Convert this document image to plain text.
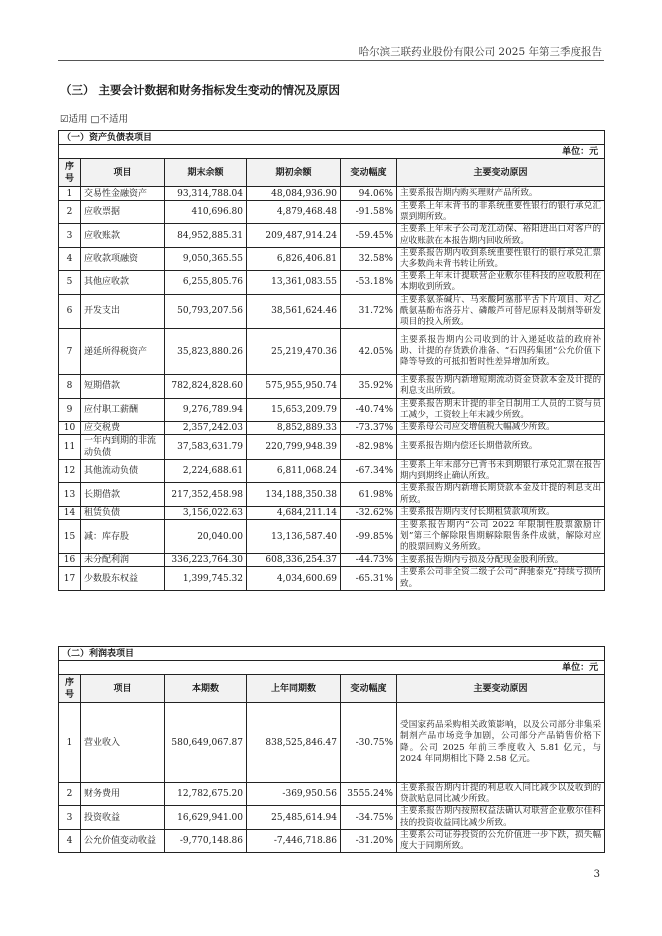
哈尔滨三联药业股份有限公司 2025 年第三季度报告
（三） 主要会计数据和财务指标发生变动的情况及原因
☑适用 □不适用
（一）资产负债表项目					
单位：元					
序号	项目	期末余额	期初余额	变动幅度	主要变动原因
1	交易性金融资产	93,314,788.04	48,084,936.90	94.06%	主要系报告期内购买理财产品所致。
2	应收票据	410,696.80	4,879,468.48	-91.58%	主要系上年末背书的非系统重要性银行的银行承兑汇票到期所致。
3	应收账款	84,952,885.31	209,487,914.24	-59.45%	主要系上年末子公司龙江动保、裕阳进出口对客户的应收账款在本报告期内回收所致。
4	应收款项融资	9,050,365.55	6,826,406.81	32.58%	主要系报告期内收到系统重要性银行的银行承兑汇票大多数尚未背书转让所致。
5	其他应收款	6,255,805.76	13,361,083.55	-53.18%	主要系上年末计提联营企业敷尔佳科技的应收股利在本期收到所致。
6	开发支出	50,793,207.56	38,561,624.46	31.72%	主要系氨茶碱片、马来酸阿塞那平舌下片项目、对乙酰氨基酚布洛芬片、磷酸芦可替尼原料及制剂等研发项目的投入所致。
7	递延所得税资产	35,823,880.26	25,219,470.36	42.05%	主要系报告期内公司收到的计入递延收益的政府补助、计提的存货跌价准备、“石四药集团”公允价值下降等导致的可抵扣暂时性差异增加所致。
8	短期借款	782,824,828.60	575,955,950.74	35.92%	主要系报告期内新增短期流动资金贷款本金及计提的利息支出所致。
9	应付职工薪酬	9,276,789.94	15,653,209.79	-40.74%	主要系报告期末计提的非全日制用工人员的工资与员工减少，工资较上年末减少所致。
10	应交税费	2,357,242.03	8,852,889.33	-73.37%	主要系母公司应交增值税大幅减少所致。
11	一年内到期的非流动负债	37,583,631.79	220,799,948.39	-82.98%	主要系报告期内偿还长期借款所致。
12	其他流动负债	2,224,688.61	6,811,068.24	-67.34%	主要系上年末部分已背书未到期银行承兑汇票在报告期内到期终止确认所致。
13	长期借款	217,352,458.98	134,188,350.38	61.98%	主要系报告期内新增长期贷款本金及计提的利息支出所致。
14	租赁负债	3,156,022.63	4,684,211.14	-32.62%	主要系报告期内支付长期租赁款项所致。
15	减：库存股	20,040.00	13,136,587.40	-99.85%	主要系报告期内“公司 2022 年限制性股票激励计划”第三个解除限售期解除限售条件成就，解除对应的股票回购义务所致。
16	未分配利润	336,223,764.30	608,336,254.37	-44.73%	主要系报告期内亏损及分配现金股利所致。
17	少数股东权益	1,399,745.32	4,034,600.69	-65.31%	主要系公司非全资二级子公司“湃驰泰克”持续亏损所致。
（二）利润表项目					
单位：元					
序号	项目	本期数	上年同期数	变动幅度	主要变动原因
1	营业收入	580,649,067.87	838,525,846.47	-30.75%	受国家药品采购相关政策影响，以及公司部分非集采制剂产品市场竞争加剧，公司部分产品销售价格下降。公司 2025 年前三季度收入 5.81 亿元，与 2024 年同期相比下降 2.58 亿元。
2	财务费用	12,782,675.20	-369,950.56	3555.24%	主要系报告期内计提的利息收入同比减少以及收到的贷款贴息同比减少所致。
3	投资收益	16,629,941.00	25,485,614.94	-34.75%	主要系报告期内按照权益法确认对联营企业敷尔佳科技的投资收益同比减少所致。
4	公允价值变动收益	-9,770,148.86	-7,446,718.86	-31.20%	主要系公司证券投资的公允价值进一步下跌，损失幅度大于同期所致。
3
